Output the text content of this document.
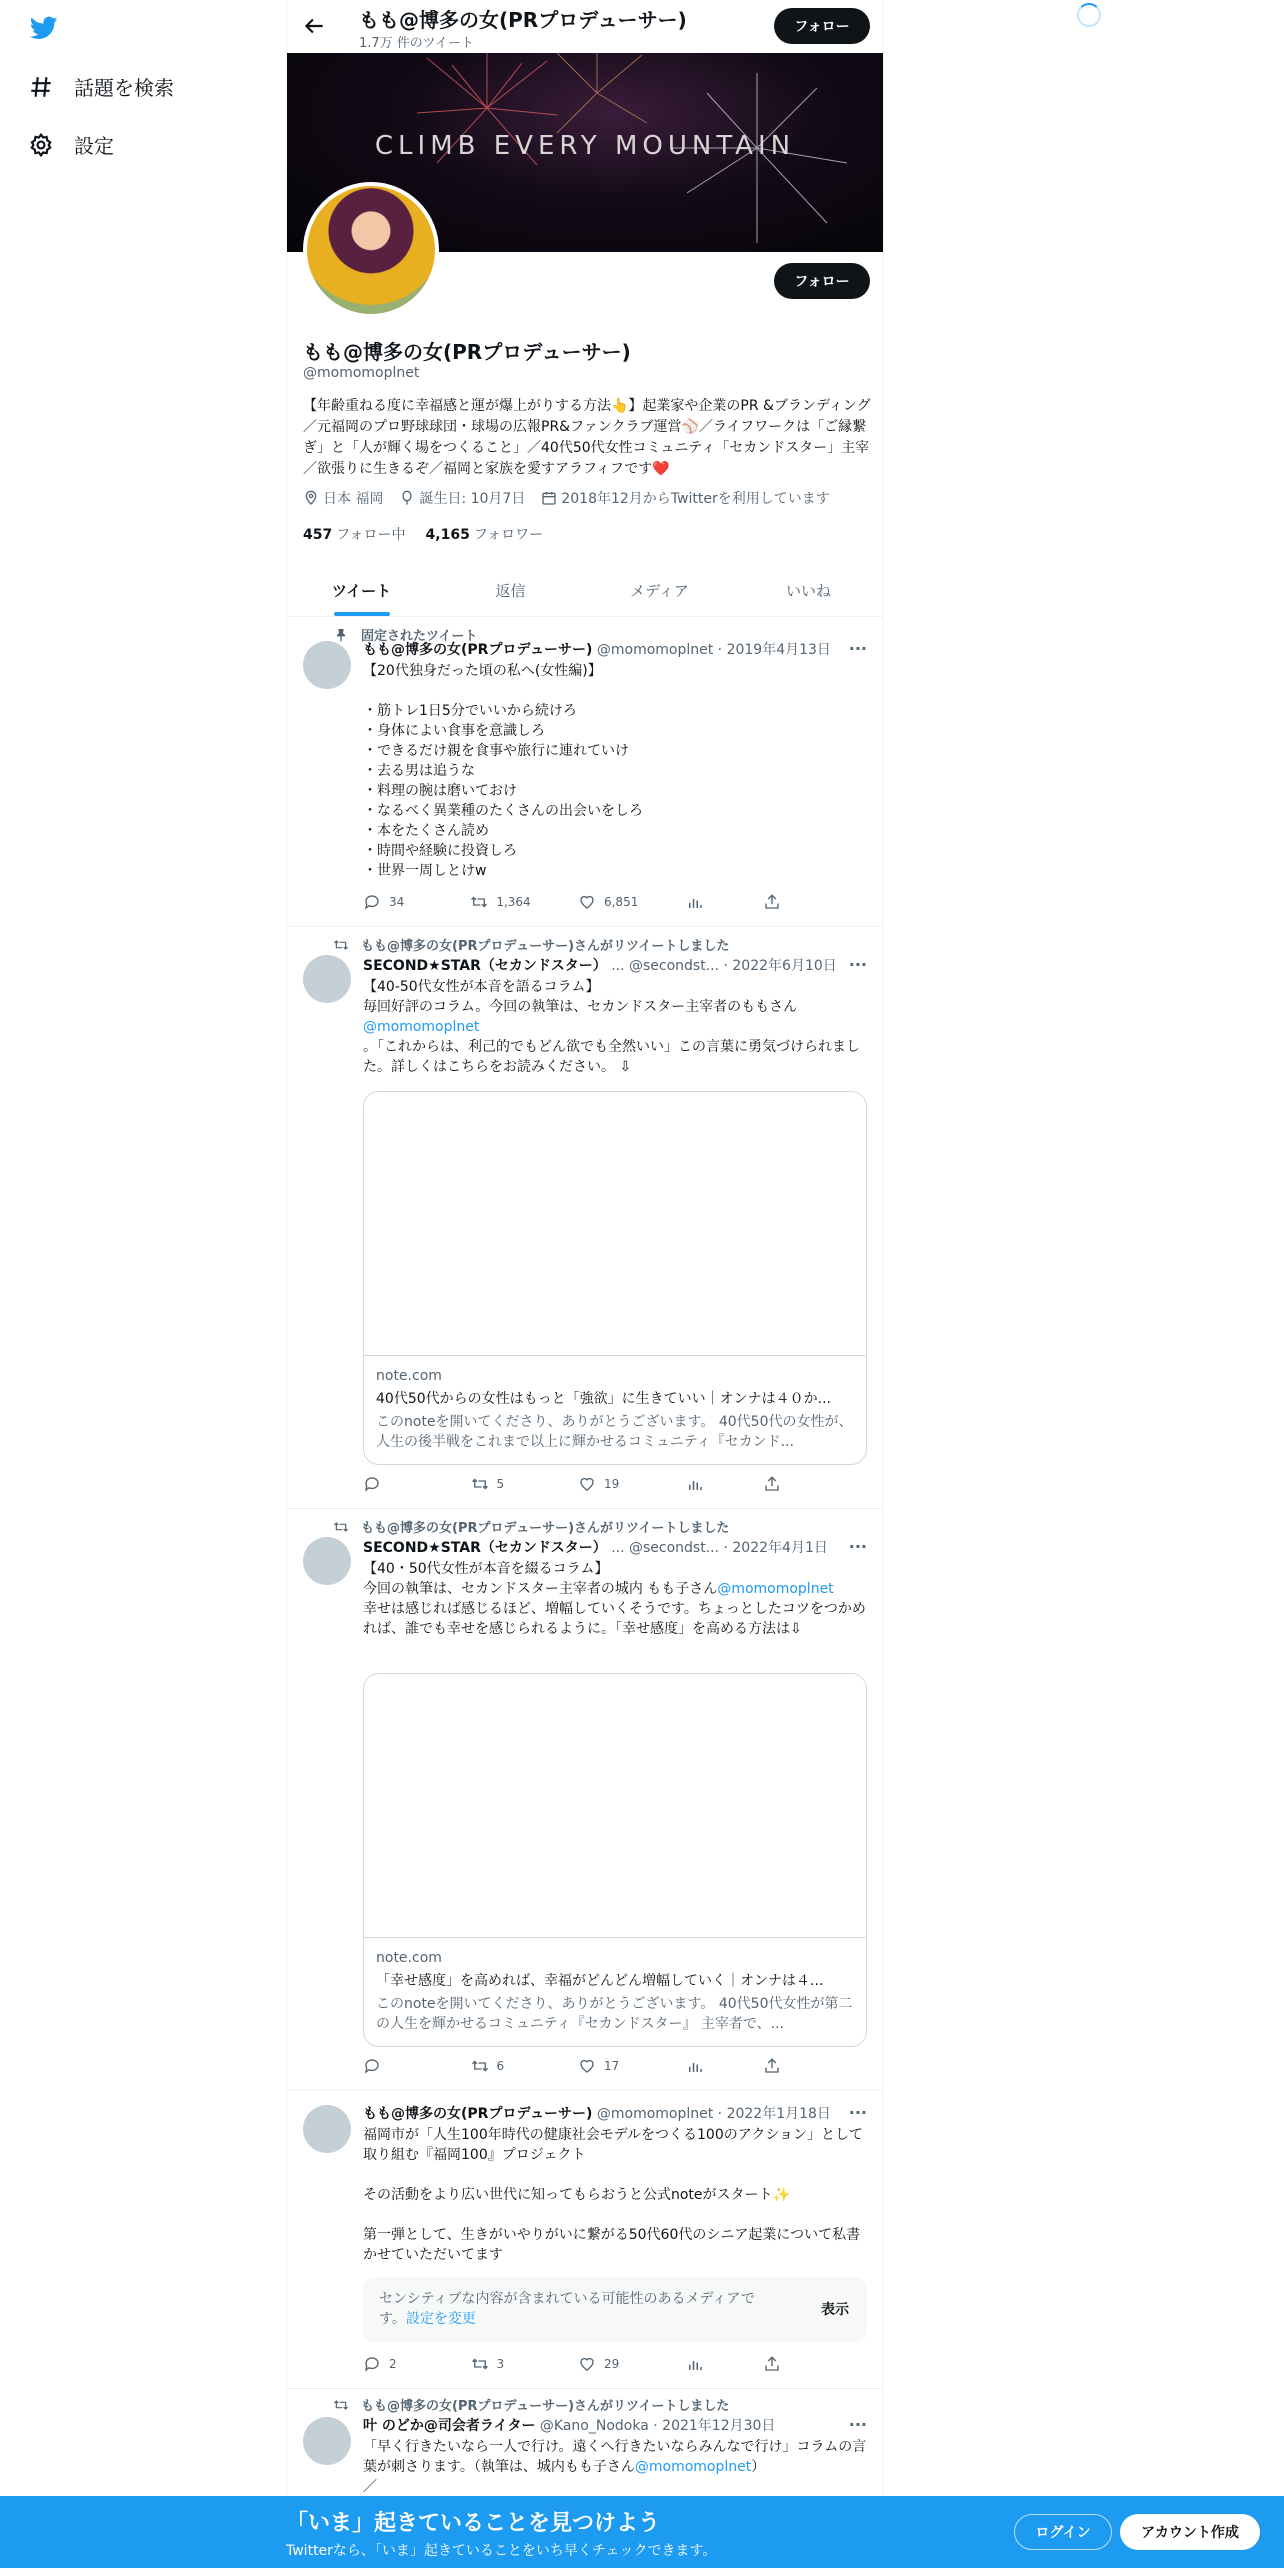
話題を検索
設定
もも@博多の女(PRプロデューサー)
1.7万 件のツイート
フォロー
CLIMB EVERY MOUNTAIN
フォロー
もも@博多の女(PRプロデューサー)
@momomoplnet
【年齢重ねる度に幸福感と運が爆上がりする方法👆】起業家や企業のPR &ブランディング／元福岡のプロ野球球団・球場の広報PR&ファンクラブ運営⚾️／ライフワークは「ご縁繋ぎ」と「人が輝く場をつくること」／40代50代女性コミュニティ「セカンドスター」主宰／欲張りに生きるぞ／福岡と家族を愛すアラフィフです❤️
日本 福岡	誕生日: 10月7日	2018年12月からTwitterを利用しています
457 フォロー中 4,165 フォロワー
ツイート	返信	メディア	いいね
固定されたツイート
もも@博多の女(PRプロデューサー) @momomoplnet · 2019年4月13日 ···
【20代独身だった頃の私へ(女性編)】

・筋トレ1日5分でいいから続けろ
・身体によい食事を意識しろ
・できるだけ親を食事や旅行に連れていけ
・去る男は追うな
・料理の腕は磨いておけ
・なるべく異業種のたくさんの出会いをしろ
・本をたくさん読め
・時間や経験に投資しろ
・世界一周しとけw
34	1,364	6,851
もも@博多の女(PRプロデューサー)さんがリツイートしました
SECOND★STAR（セカンドスター） ... @secondst... · 2022年6月10日 ···
【40-50代女性が本音を語るコラム】
毎回好評のコラム。今回の執筆は、セカンドスター主宰者のももさん
@momomoplnet
。「これからは、利己的でもどん欲でも全然いい」この言葉に勇気づけられました。詳しくはこちらをお読みください。 ⇩
note.com
40代50代からの女性はもっと「強欲」に生きていい｜オンナは４０か...
このnoteを開いてくださり、ありがとうございます。 40代50代の女性が、人生の後半戦をこれまで以上に輝かせるコミュニティ『セカンド...
5	19
もも@博多の女(PRプロデューサー)さんがリツイートしました
SECOND★STAR（セカンドスター） ... @secondst... · 2022年4月1日 ···
【40・50代女性が本音を綴るコラム】
今回の執筆は、セカンドスター主宰者の城内 もも子さん@momomoplnet
幸せは感じれば感じるほど、増幅していくそうです。ちょっとしたコツをつかめれば、誰でも幸せを感じられるように。「幸せ感度」を高める方法は⇩
note.com
「幸せ感度」を高めれば、幸福がどんどん増幅していく｜オンナは４...
このnoteを開いてくださり、ありがとうございます。 40代50代女性が第二の人生を輝かせるコミュニティ『セカンドスター』 主宰者で、...
6	17
もも@博多の女(PRプロデューサー) @momomoplnet · 2022年1月18日 ···
福岡市が「人生100年時代の健康社会モデルをつくる100のアクション」として取り組む『福岡100』プロジェクト

その活動をより広い世代に知ってもらおうと公式noteがスタート✨

第一弾として、生きがいやりがいに繋がる50代60代のシニア起業について私書かせていただいてます
センシティブな内容が含まれている可能性のあるメディアです。設定を変更
表示
2	3	29
もも@博多の女(PRプロデューサー)さんがリツイートしました
叶 のどか@司会者ライター @Kano_Nodoka · 2021年12月30日	···
「早く行きたいなら一人で行け。遠くへ行きたいならみんなで行け」コラムの言葉が刺さります。（執筆は、城内もも子さん@momomoplnet）
／
「いま」起きていることを見つけよう
Twitterなら、「いま」起きていることをいち早くチェックできます。
ログイン	アカウント作成
